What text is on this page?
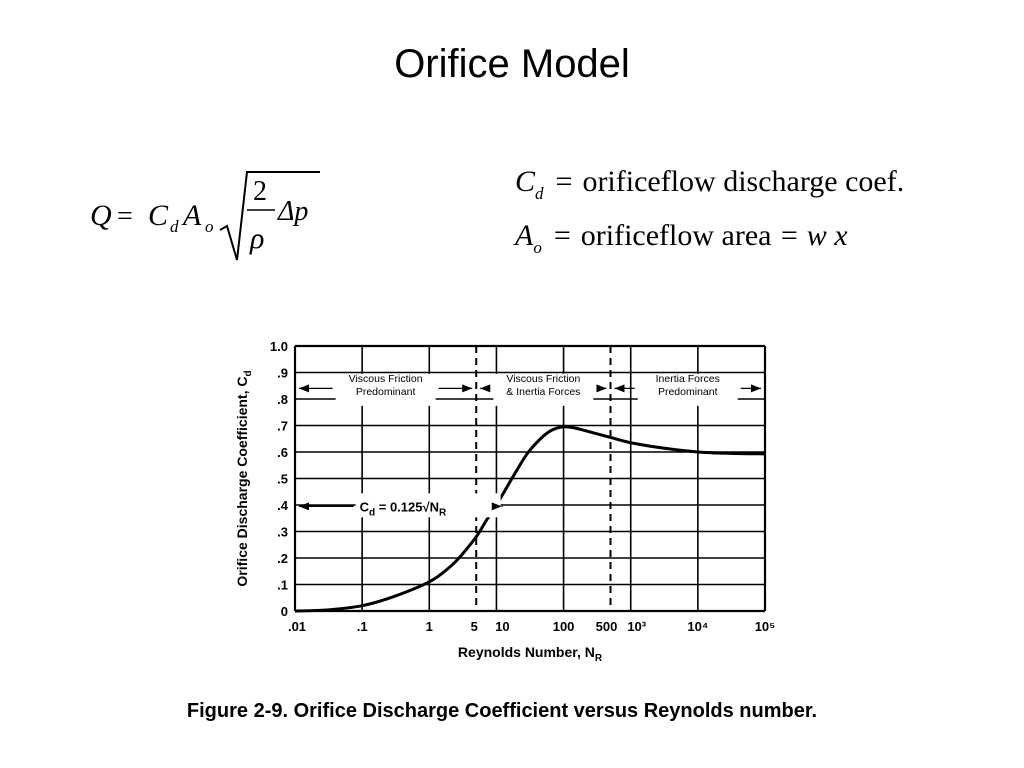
Orifice Model
Q = C d A o
2
ρ
Δp
$C_d$ = orificeflow discharge coef.
$A_o$ = orificeflow area = w x
0
.1
.2
.3
.4
.5
.6
.7
.8
.9
1.0
.01	.1	1	5 10	100 500 10³	10⁴	10⁵
Viscous Friction
Predominant
Viscous Friction
& Inertia Forces
Inertia Forces
Predominant
$C_d = 0.125√N_R$
Reynolds Number, $N_R$
Orifice Discharge Coefficient, $C_d$
Figure 2-9. Orifice Discharge Coefficient versus Reynolds number.
